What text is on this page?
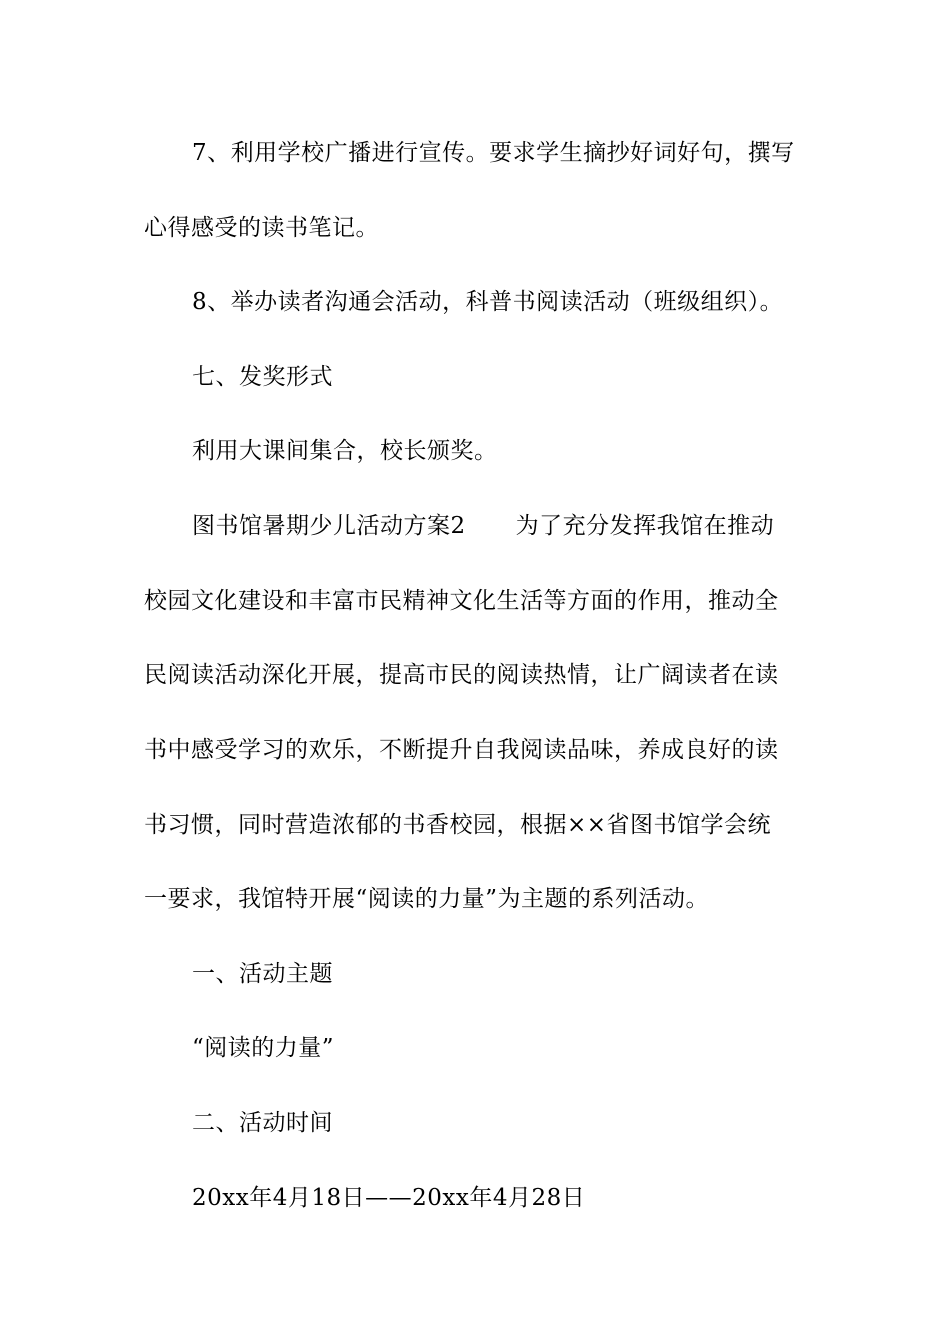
7、利用学校广播进行宣传。要求学生摘抄好词好句，撰写
心得感受的读书笔记。
8、举办读者沟通会活动，科普书阅读活动（班级组织）。
七、发奖形式
利用大课间集合，校长颁奖。
图书馆暑期少儿活动方案2 为了充分发挥我馆在推动
校园文化建设和丰富市民精神文化生活等方面的作用，推动全
民阅读活动深化开展，提高市民的阅读热情，让广阔读者在读
书中感受学习的欢乐，不断提升自我阅读品味，养成良好的读
书习惯，同时营造浓郁的书香校园，根据××省图书馆学会统
一要求，我馆特开展“阅读的力量”为主题的系列活动。
一、活动主题
“阅读的力量”
二、活动时间
20xx年4月18日——20xx年4月28日
